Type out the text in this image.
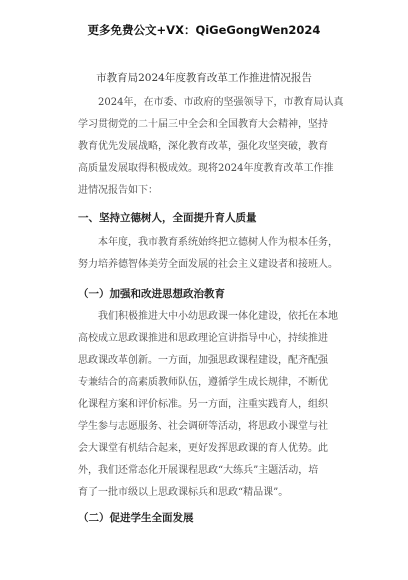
更多免费公文+VX：QiGeGongWen2024
市教育局2024年度教育改革工作推进情况报告

2024年，在市委、市政府的坚强领导下，市教育局认真
学习贯彻党的二十届三中全会和全国教育大会精神，坚持
教育优先发展战略，深化教育改革，强化攻坚突破，教育
高质量发展取得积极成效。现将2024年度教育改革工作推
进情况报告如下：

一、坚持立德树人，全面提升育人质量

本年度，我市教育系统始终把立德树人作为根本任务，
努力培养德智体美劳全面发展的社会主义建设者和接班人。

（一）加强和改进思想政治教育

我们积极推进大中小幼思政课一体化建设，依托在本地
高校成立思政课推进和思政理论宣讲指导中心，持续推进
思政课改革创新。一方面，加强思政课程建设，配齐配强
专兼结合的高素质教师队伍，遵循学生成长规律，不断优
化课程方案和评价标准。另一方面，注重实践育人，组织
学生参与志愿服务、社会调研等活动，将思政小课堂与社
会大课堂有机结合起来，更好发挥思政课的育人优势。此
外，我们还常态化开展课程思政“大练兵”主题活动，培
育了一批市级以上思政课标兵和思政“精品课”。

（二）促进学生全面发展
